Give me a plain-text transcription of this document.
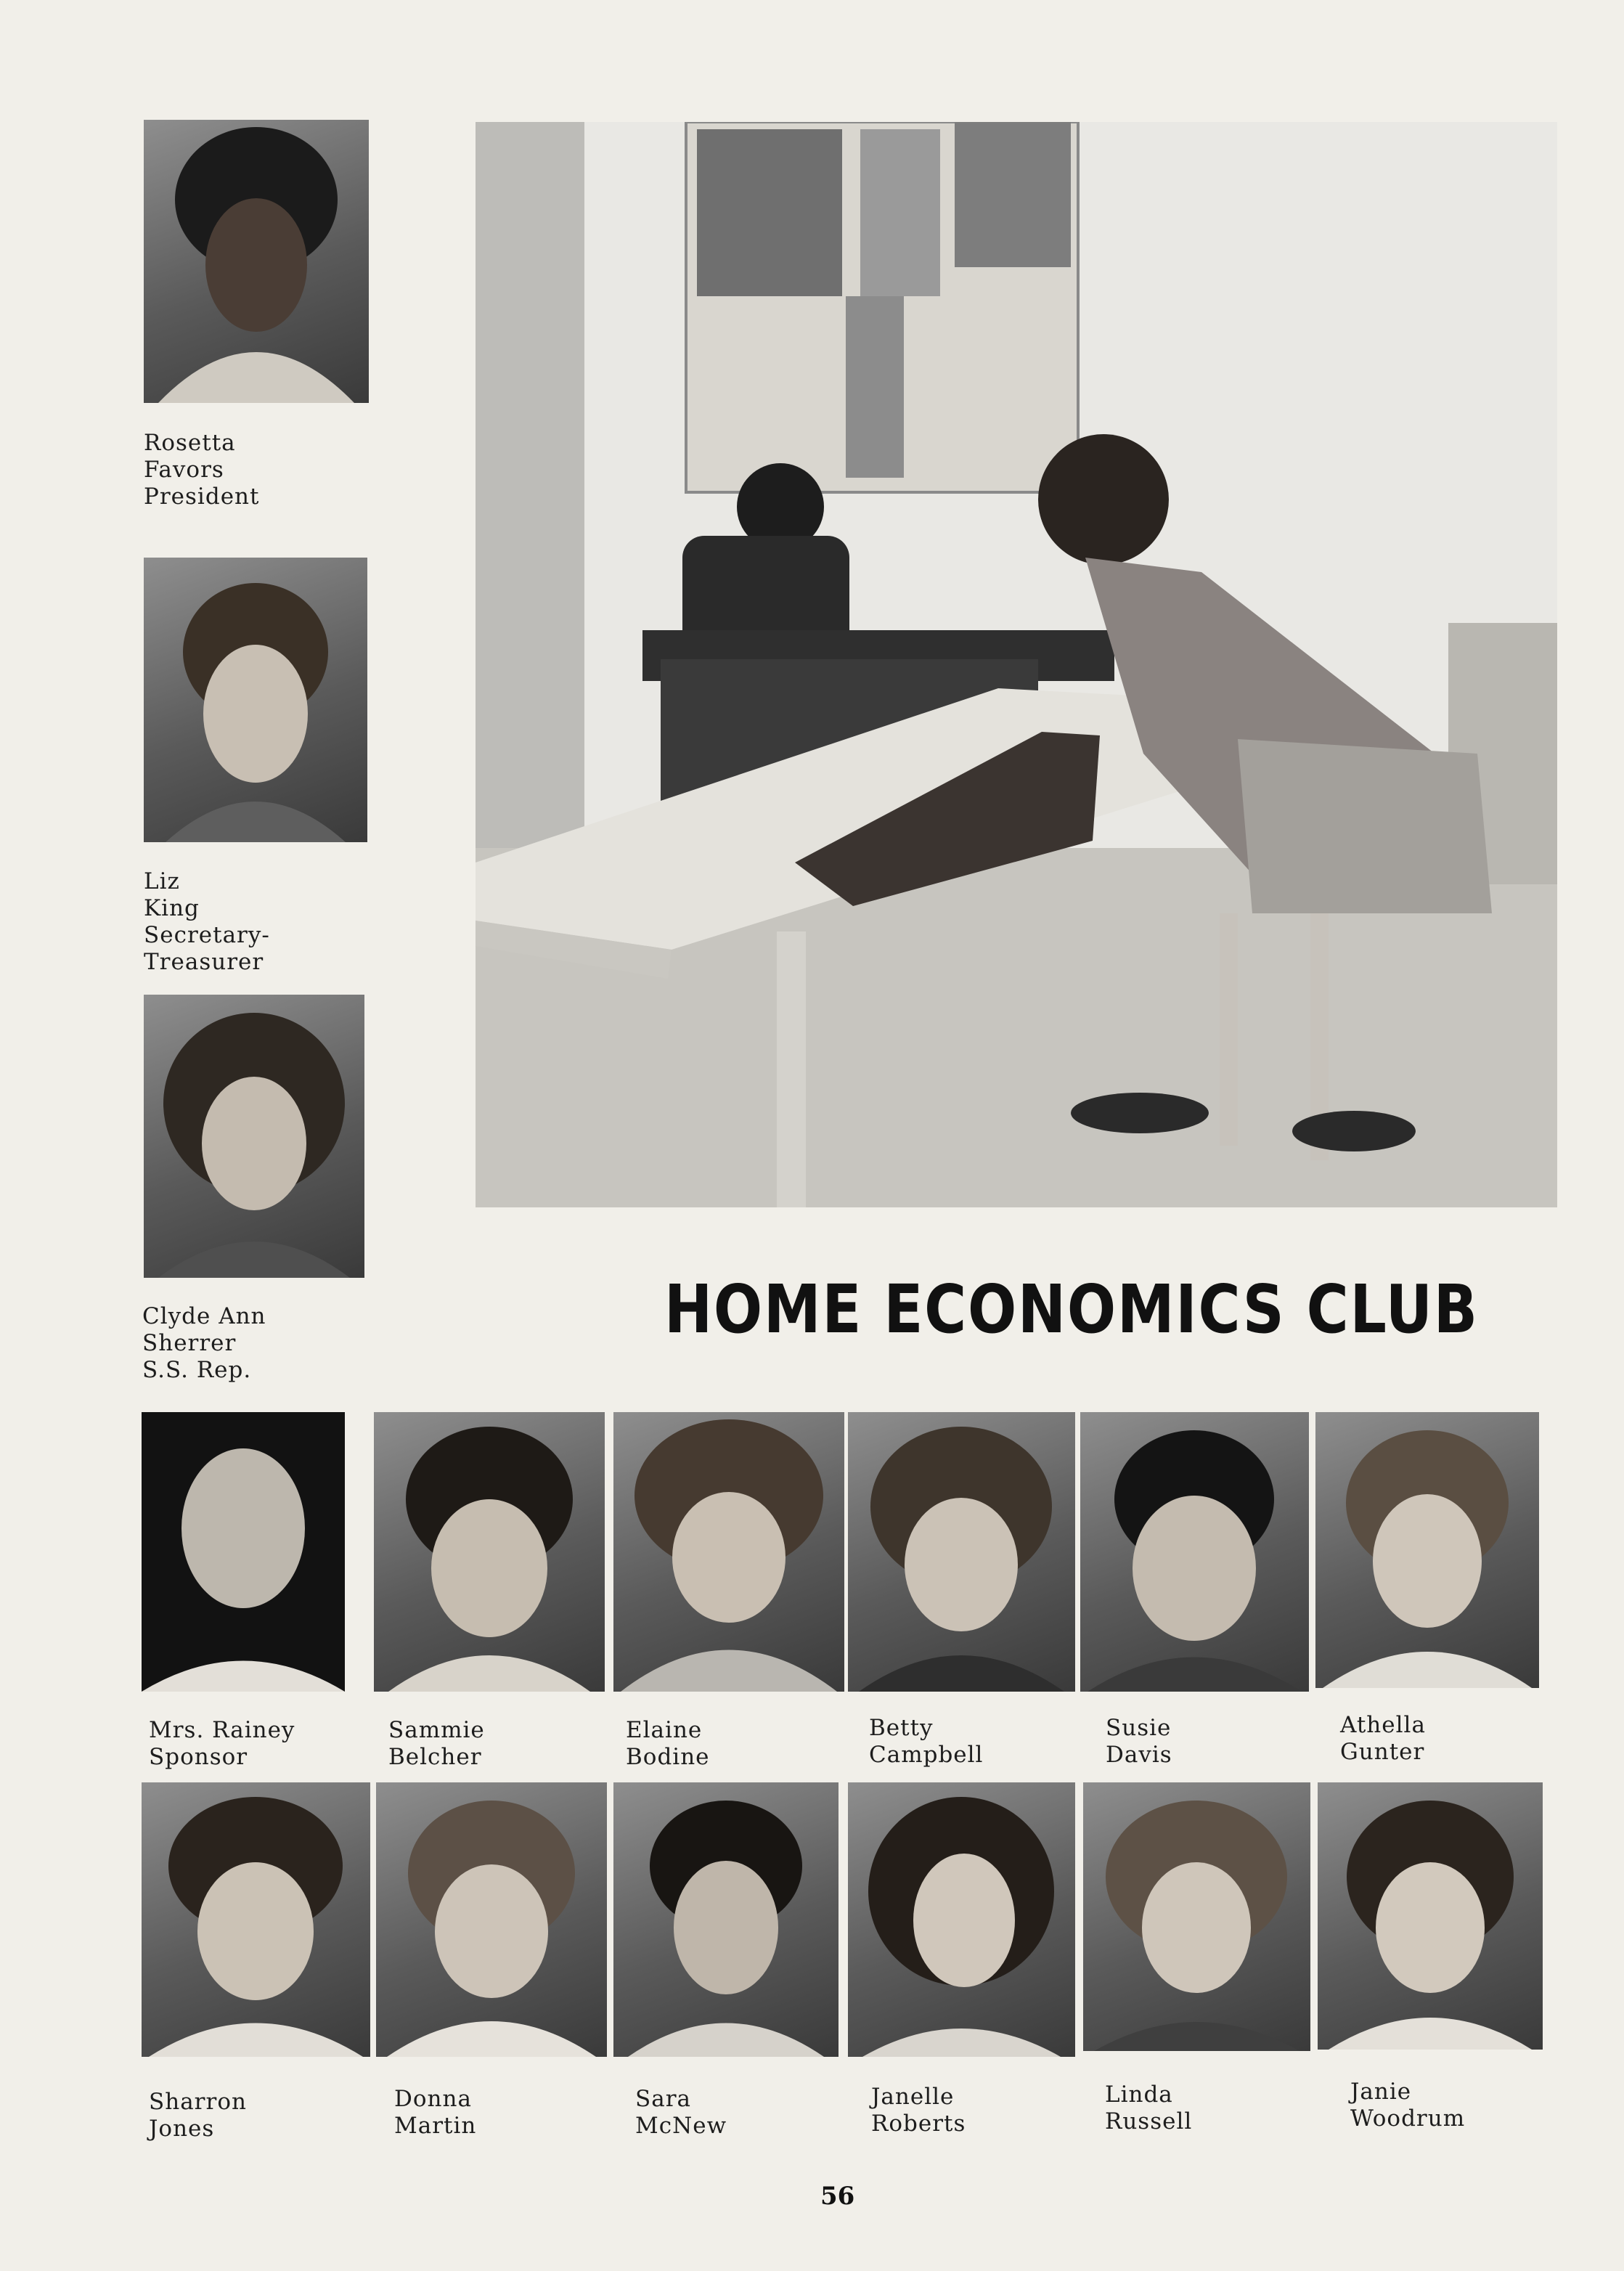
Rosetta
Favors
President
Liz
King
Secretary-
Treasurer
Clyde Ann
Sherrer
S.S. Rep.
HOME ECONOMICS CLUB
Mrs. Rainey
Sponsor
Sammie
Belcher
Elaine
Bodine
Betty
Campbell
Susie
Davis
Athella
Gunter
Sharron
Jones
Donna
Martin
Sara
McNew
Janelle
Roberts
Linda
Russell
Janie
Woodrum
56
